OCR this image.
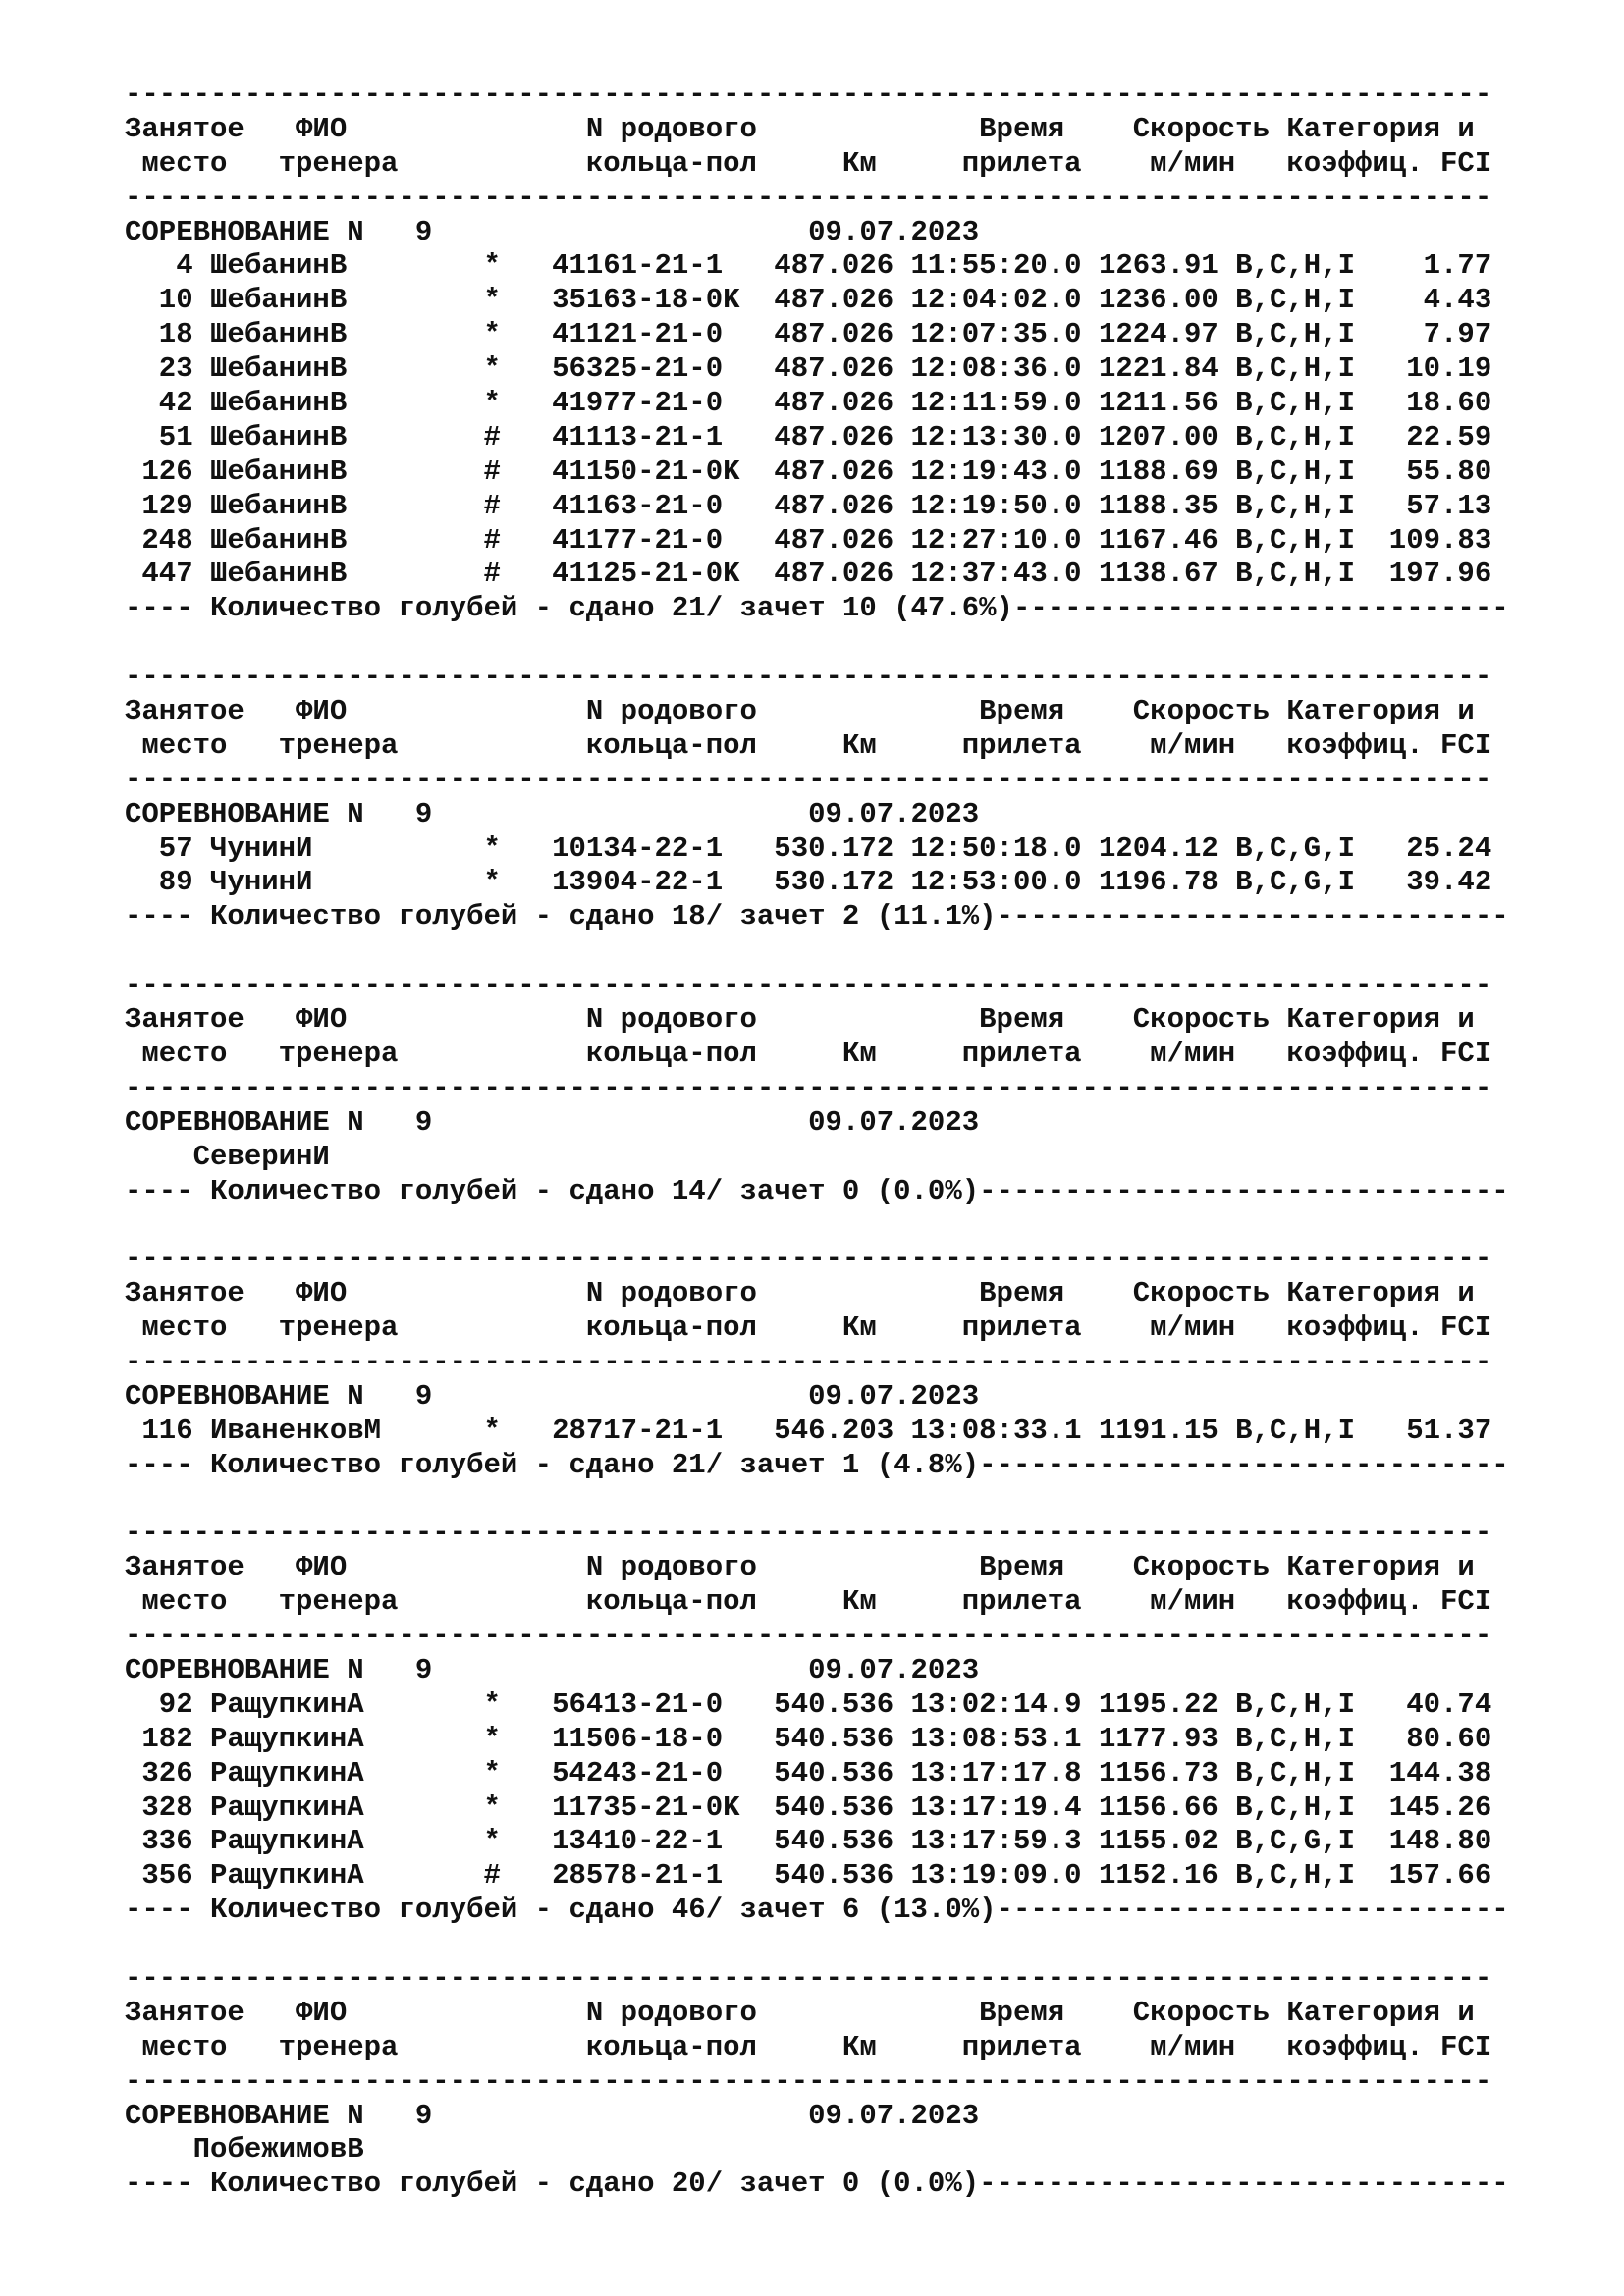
--------------------------------------------------------------------------------
Занятое   ФИО              N родового             Время    Скорость Категория и
место   тренера           кольца-пол     Км     прилета    м/мин   коэффиц. FCI
--------------------------------------------------------------------------------
СОРЕВНОВАНИЕ N   9                      09.07.2023
4 ШебанинВ        *   41161-21-1   487.026 11:55:20.0 1263.91 B,C,H,I    1.77
10 ШебанинВ        *   35163-18-0K  487.026 12:04:02.0 1236.00 B,C,H,I    4.43
18 ШебанинВ        *   41121-21-0   487.026 12:07:35.0 1224.97 B,C,H,I    7.97
23 ШебанинВ        *   56325-21-0   487.026 12:08:36.0 1221.84 B,C,H,I   10.19
42 ШебанинВ        *   41977-21-0   487.026 12:11:59.0 1211.56 B,C,H,I   18.60
51 ШебанинВ        #   41113-21-1   487.026 12:13:30.0 1207.00 B,C,H,I   22.59
126 ШебанинВ        #   41150-21-0K  487.026 12:19:43.0 1188.69 B,C,H,I   55.80
129 ШебанинВ        #   41163-21-0   487.026 12:19:50.0 1188.35 B,C,H,I   57.13
248 ШебанинВ        #   41177-21-0   487.026 12:27:10.0 1167.46 B,C,H,I  109.83
447 ШебанинВ        #   41125-21-0K  487.026 12:37:43.0 1138.67 B,C,H,I  197.96
---- Количество голубей - сдано 21/ зачет 10 (47.6%)-----------------------------
--------------------------------------------------------------------------------
Занятое   ФИО              N родового             Время    Скорость Категория и
место   тренера           кольца-пол     Км     прилета    м/мин   коэффиц. FCI
--------------------------------------------------------------------------------
СОРЕВНОВАНИЕ N   9                      09.07.2023
57 ЧунинИ          *   10134-22-1   530.172 12:50:18.0 1204.12 B,C,G,I   25.24
89 ЧунинИ          *   13904-22-1   530.172 12:53:00.0 1196.78 B,C,G,I   39.42
---- Количество голубей - сдано 18/ зачет 2 (11.1%)------------------------------
--------------------------------------------------------------------------------
Занятое   ФИО              N родового             Время    Скорость Категория и
место   тренера           кольца-пол     Км     прилета    м/мин   коэффиц. FCI
--------------------------------------------------------------------------------
СОРЕВНОВАНИЕ N   9                      09.07.2023
СеверинИ
---- Количество голубей - сдано 14/ зачет 0 (0.0%)-------------------------------
--------------------------------------------------------------------------------
Занятое   ФИО              N родового             Время    Скорость Категория и
место   тренера           кольца-пол     Км     прилета    м/мин   коэффиц. FCI
--------------------------------------------------------------------------------
СОРЕВНОВАНИЕ N   9                      09.07.2023
116 ИваненковМ      *   28717-21-1   546.203 13:08:33.1 1191.15 B,C,H,I   51.37
---- Количество голубей - сдано 21/ зачет 1 (4.8%)-------------------------------
--------------------------------------------------------------------------------
Занятое   ФИО              N родового             Время    Скорость Категория и
место   тренера           кольца-пол     Км     прилета    м/мин   коэффиц. FCI
--------------------------------------------------------------------------------
СОРЕВНОВАНИЕ N   9                      09.07.2023
92 РащупкинА       *   56413-21-0   540.536 13:02:14.9 1195.22 B,C,H,I   40.74
182 РащупкинА       *   11506-18-0   540.536 13:08:53.1 1177.93 B,C,H,I   80.60
326 РащупкинА       *   54243-21-0   540.536 13:17:17.8 1156.73 B,C,H,I  144.38
328 РащупкинА       *   11735-21-0K  540.536 13:17:19.4 1156.66 B,C,H,I  145.26
336 РащупкинА       *   13410-22-1   540.536 13:17:59.3 1155.02 B,C,G,I  148.80
356 РащупкинА       #   28578-21-1   540.536 13:19:09.0 1152.16 B,C,H,I  157.66
---- Количество голубей - сдано 46/ зачет 6 (13.0%)------------------------------
--------------------------------------------------------------------------------
Занятое   ФИО              N родового             Время    Скорость Категория и
место   тренера           кольца-пол     Км     прилета    м/мин   коэффиц. FCI
--------------------------------------------------------------------------------
СОРЕВНОВАНИЕ N   9                      09.07.2023
ПобежимовВ
---- Количество голубей - сдано 20/ зачет 0 (0.0%)-------------------------------
